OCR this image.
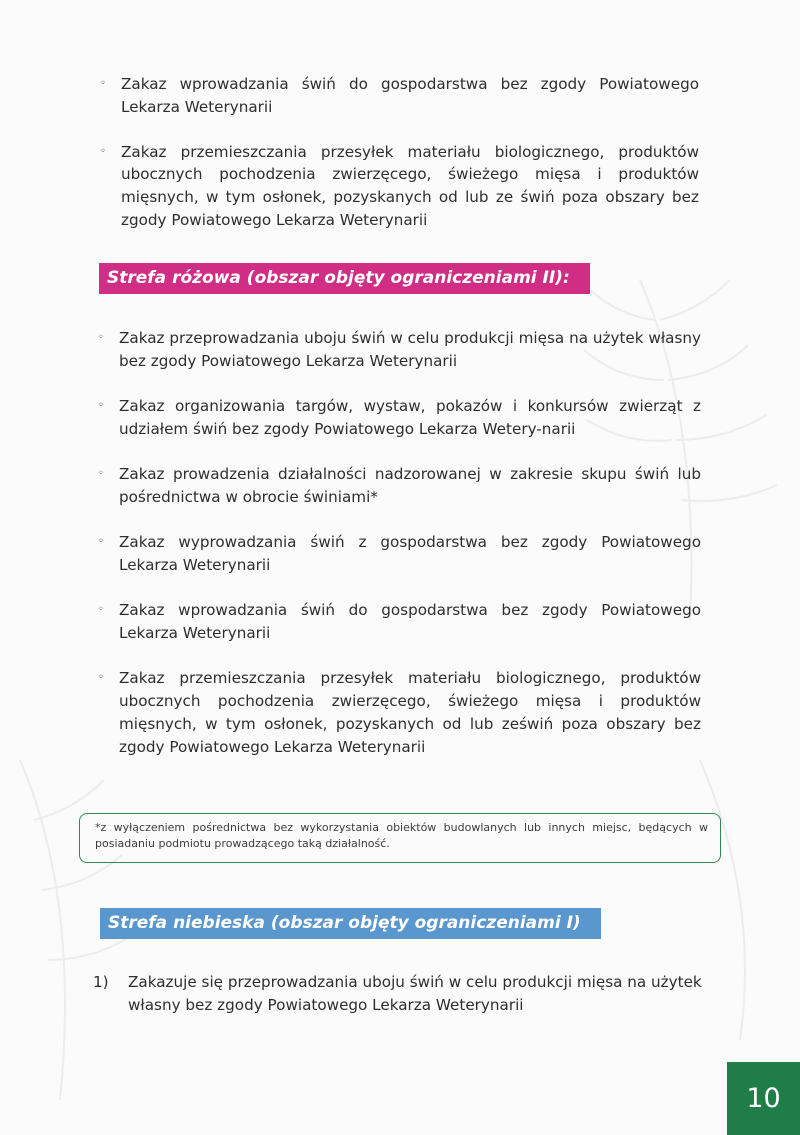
◦ Zakaz wprowadzania świń do gospodarstwa bez zgody Powiatowego Lekarza Weterynarii
◦ Zakaz przemieszczania przesyłek materiału biologicznego, produktów ubocznych pochodzenia zwierzęcego, świeżego mięsa i produktów mięsnych, w tym osłonek, pozyskanych od lub ze świń poza obszary bez zgody Powiatowego Lekarza Weterynarii
Strefa różowa (obszar objęty ograniczeniami II):
◦ Zakaz przeprowadzania uboju świń w celu produkcji mięsa na użytek własny bez zgody Powiatowego Lekarza Weterynarii
◦ Zakaz organizowania targów, wystaw, pokazów i konkursów zwierząt z udziałem świń bez zgody Powiatowego Lekarza Wetery-narii
◦ Zakaz prowadzenia działalności nadzorowanej w zakresie skupu świń lub pośrednictwa w obrocie świniami*
◦ Zakaz wyprowadzania świń z gospodarstwa bez zgody Powiatowego Lekarza Weterynarii
◦ Zakaz wprowadzania świń do gospodarstwa bez zgody Powiatowego Lekarza Weterynarii
◦ Zakaz przemieszczania przesyłek materiału biologicznego, produktów ubocznych pochodzenia zwierzęcego, świeżego mięsa i produktów mięsnych, w tym osłonek, pozyskanych od lub zeświń poza obszary bez zgody Powiatowego Lekarza Weterynarii
*z wyłączeniem pośrednictwa bez wykorzystania obiektów budowlanych lub innych miejsc, będących w posiadaniu podmiotu prowadzącego taką działalność.
Strefa niebieska (obszar objęty ograniczeniami I)
1) Zakazuje się przeprowadzania uboju świń w celu produkcji mięsa na użytek własny bez zgody Powiatowego Lekarza Weterynarii
10
